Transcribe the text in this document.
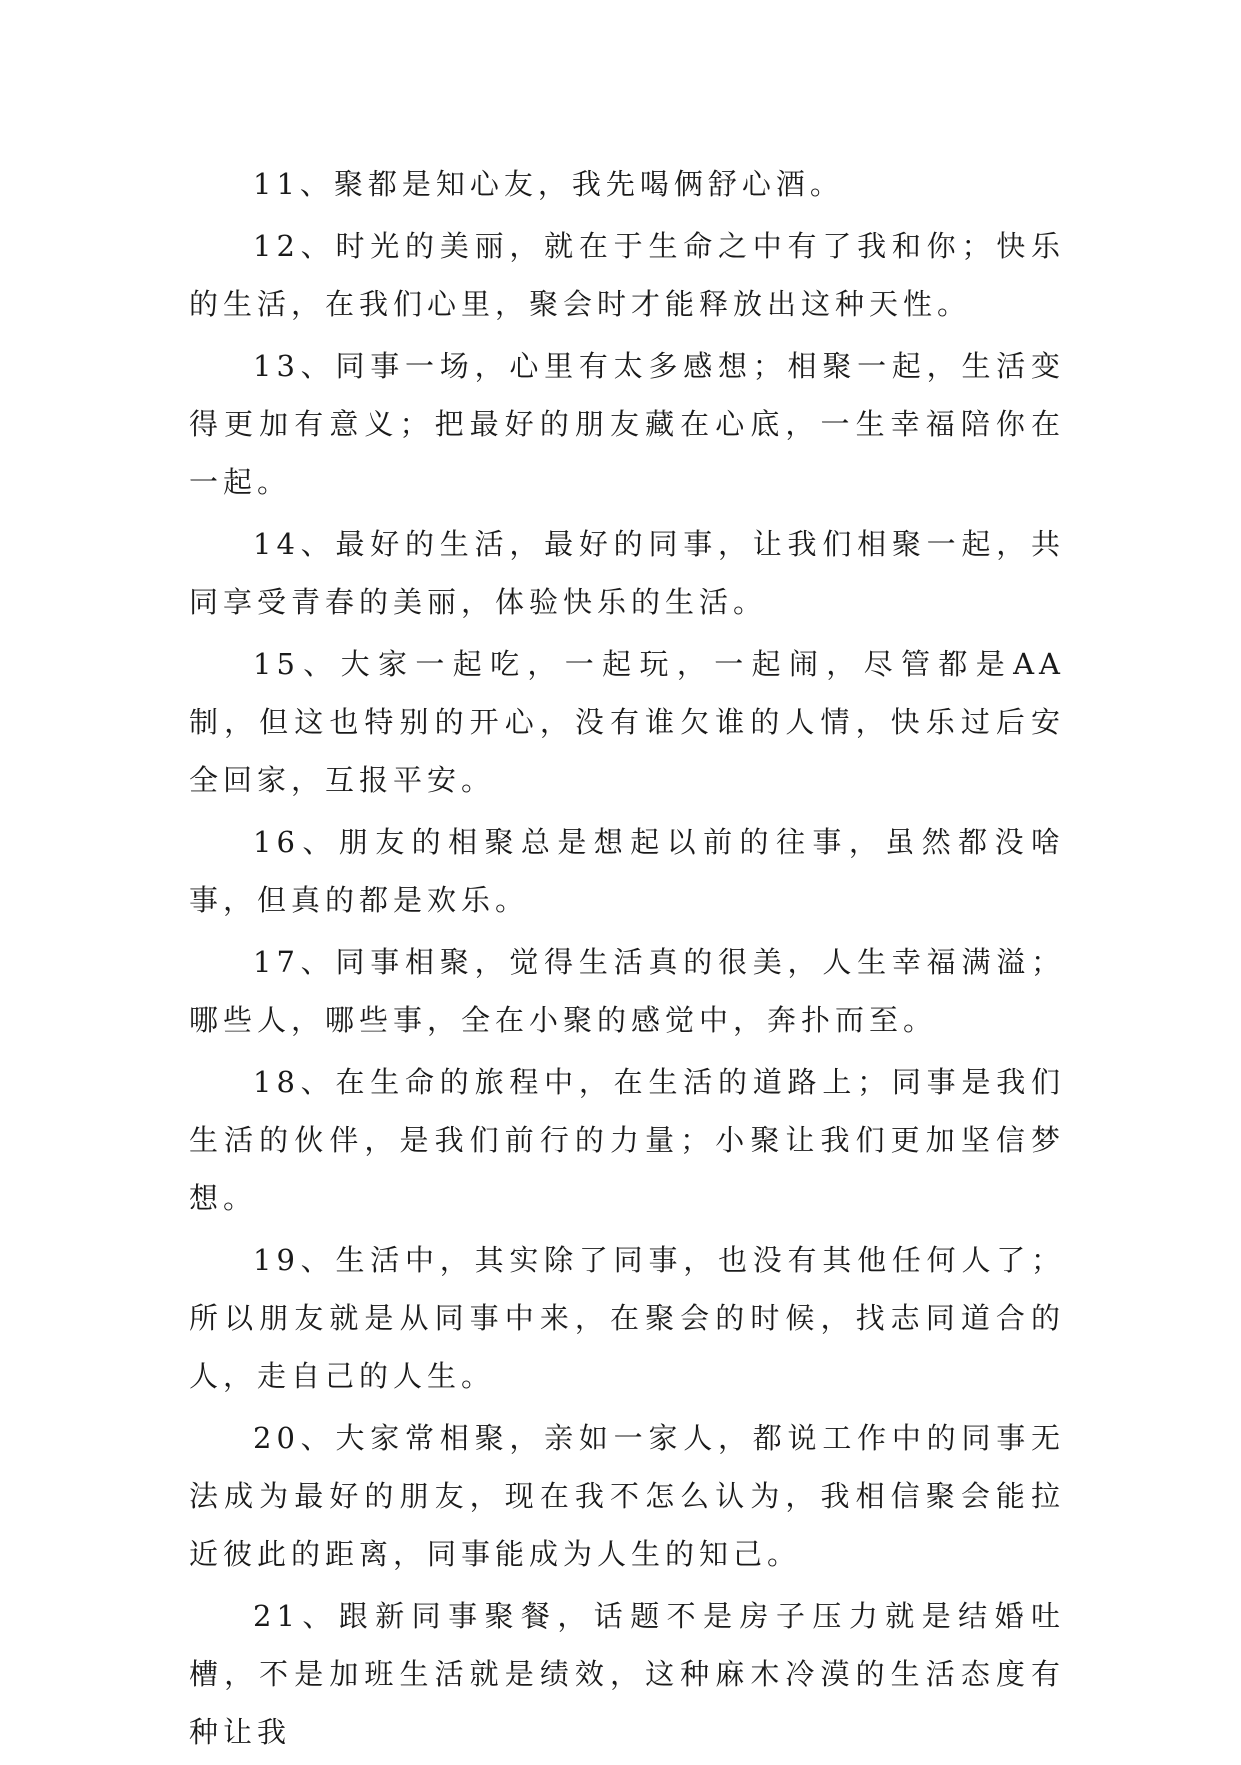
11、聚都是知心友，我先喝俩舒心酒。

12、时光的美丽，就在于生命之中有了我和你；快乐的生活，在我们心里，聚会时才能释放出这种天性。

13、同事一场，心里有太多感想；相聚一起，生活变得更加有意义；把最好的朋友藏在心底，一生幸福陪你在一起。

14、最好的生活，最好的同事，让我们相聚一起，共同享受青春的美丽，体验快乐的生活。

15、大家一起吃，一起玩，一起闹，尽管都是AA制，但这也特别的开心，没有谁欠谁的人情，快乐过后安全回家，互报平安。

16、朋友的相聚总是想起以前的往事，虽然都没啥事，但真的都是欢乐。

17、同事相聚，觉得生活真的很美，人生幸福满溢；哪些人，哪些事，全在小聚的感觉中，奔扑而至。

18、在生命的旅程中，在生活的道路上；同事是我们生活的伙伴，是我们前行的力量；小聚让我们更加坚信梦想。

19、生活中，其实除了同事，也没有其他任何人了；所以朋友就是从同事中来，在聚会的时候，找志同道合的人，走自己的人生。

20、大家常相聚，亲如一家人，都说工作中的同事无法成为最好的朋友，现在我不怎么认为，我相信聚会能拉近彼此的距离，同事能成为人生的知己。

21、跟新同事聚餐，话题不是房子压力就是结婚吐槽，不是加班生活就是绩效，这种麻木冷漠的生活态度有种让我
